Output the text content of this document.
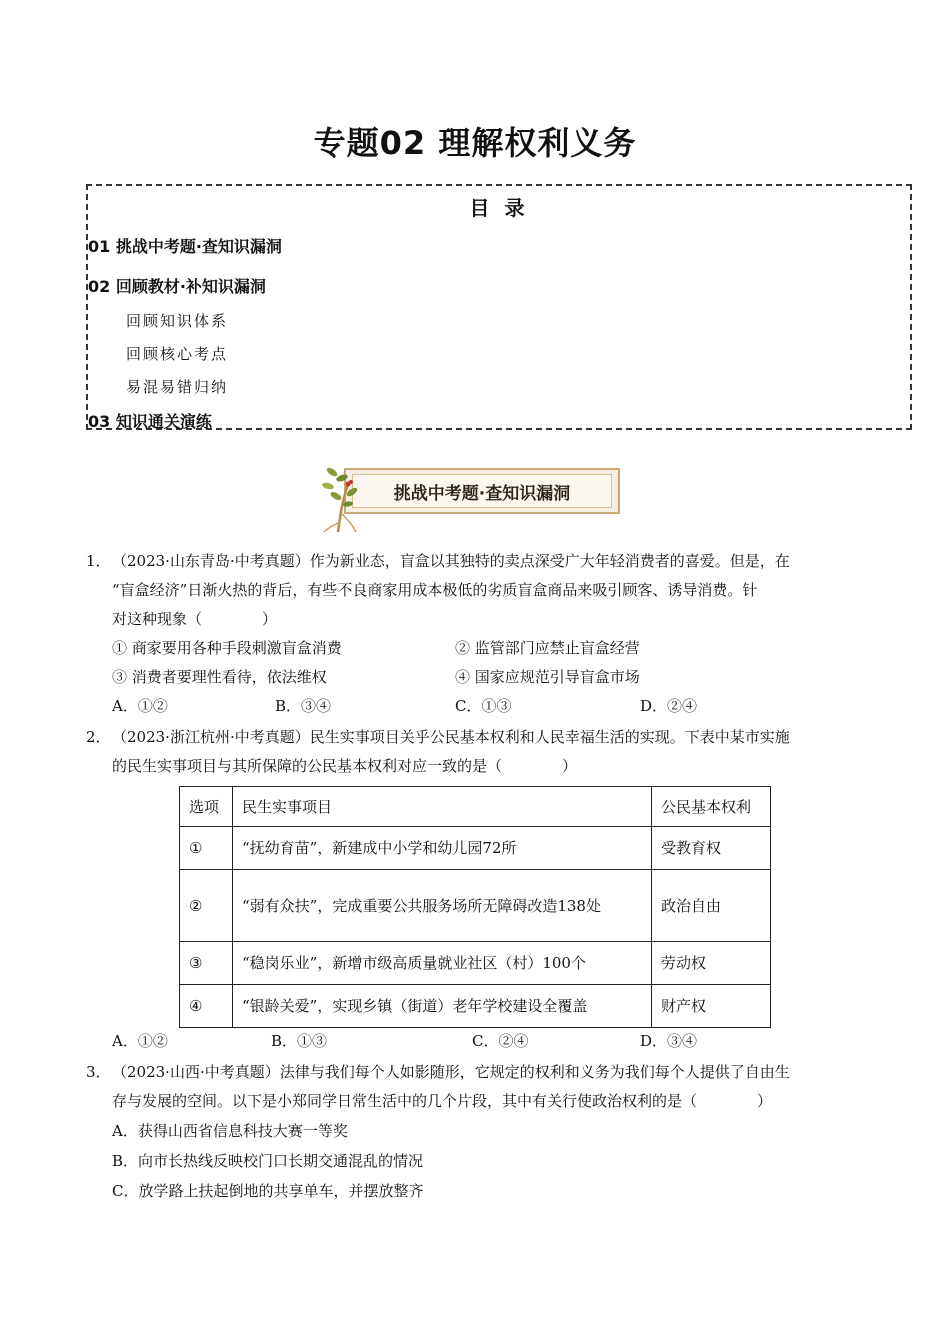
专题02 理解权利义务
目 录
01 挑战中考题·查知识漏洞
02 回顾教材·补知识漏洞
回顾知识体系
回顾核心考点
易混易错归纳
03 知识通关演练
挑战中考题·查知识漏洞
1． （2023·山东青岛·中考真题）作为新业态，盲盒以其独特的卖点深受广大年轻消费者的喜爱。但是，在
“盲盒经济”日渐火热的背后，有些不良商家用成本极低的劣质盲盒商品来吸引顾客、诱导消费。针
对这种现象（　　　　）
① 商家要用各种手段刺激盲盒消费	② 监管部门应禁止盲盒经营
③ 消费者要理性看待，依法维权	④ 国家应规范引导盲盒市场
A．①②	B．③④	C．①③	D．②④
2． （2023·浙江杭州·中考真题）民生实事项目关乎公民基本权利和人民幸福生活的实现。下表中某市实施
的民生实事项目与其所保障的公民基本权利对应一致的是（　　　　）
选项	民生实事项目	公民基本权利
①	“抚幼育苗”，新建成中小学和幼儿园72所	受教育权
②	“弱有众扶”，完成重要公共服务场所无障碍改造138处	政治自由
③	“稳岗乐业”，新增市级高质量就业社区（村）100个	劳动权
④	“银龄关爱”，实现乡镇（街道）老年学校建设全覆盖	财产权
A．①②	B．①③	C．②④	D．③④
3． （2023·山西·中考真题）法律与我们每个人如影随形，它规定的权利和义务为我们每个人提供了自由生
存与发展的空间。以下是小郑同学日常生活中的几个片段，其中有关行使政治权利的是（　　　　）
A．获得山西省信息科技大赛一等奖
B．向市长热线反映校门口长期交通混乱的情况
C．放学路上扶起倒地的共享单车，并摆放整齐
